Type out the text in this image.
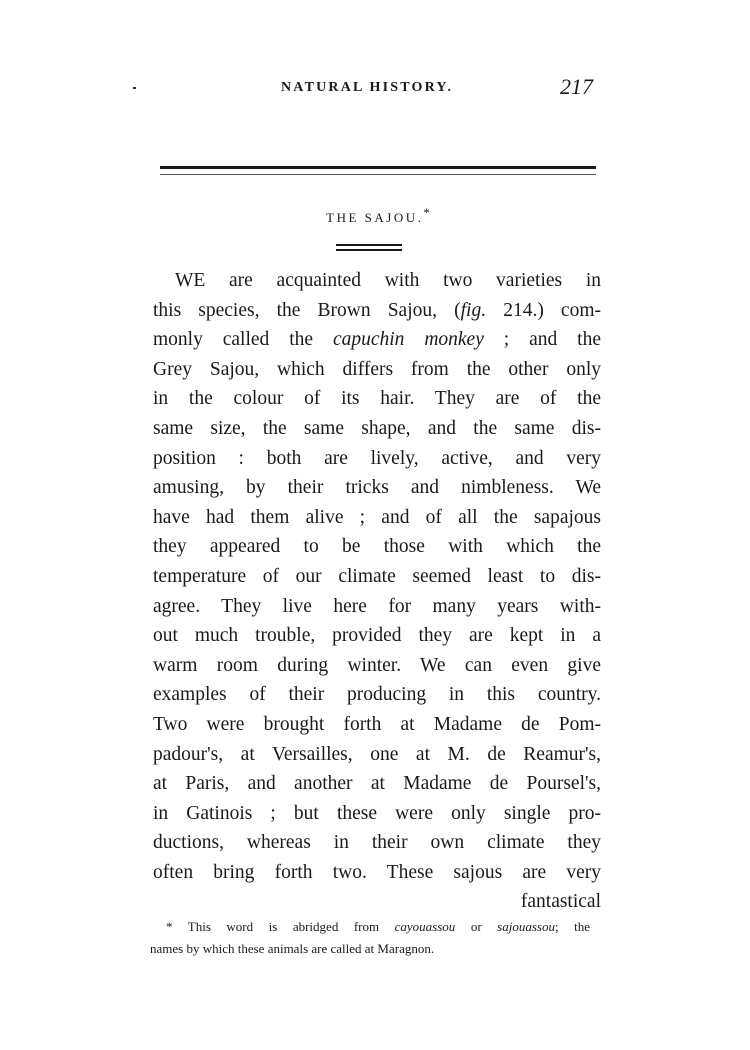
NATURAL HISTORY.	217
THE SAJOU.*
WE are acquainted with two varieties in
this species, the Brown Sajou, (fig. 214.) com-
monly called the capuchin monkey ; and the
Grey Sajou, which differs from the other only
in the colour of its hair. They are of the
same size, the same shape, and the same dis-
position : both are lively, active, and very
amusing, by their tricks and nimbleness. We
have had them alive ; and of all the sapajous
they appeared to be those with which the
temperature of our climate seemed least to dis-
agree. They live here for many years with-
out much trouble, provided they are kept in a
warm room during winter. We can even give
examples of their producing in this country.
Two were brought forth at Madame de Pom-
padour's, at Versailles, one at M. de Reamur's,
at Paris, and another at Madame de Poursel's,
in Gatinois ; but these were only single pro-
ductions, whereas in their own climate they
often bring forth two. These sajous are very
fantastical
* This word is abridged from cayouassou or sajouassou; the
names by which these animals are called at Maragnon.
